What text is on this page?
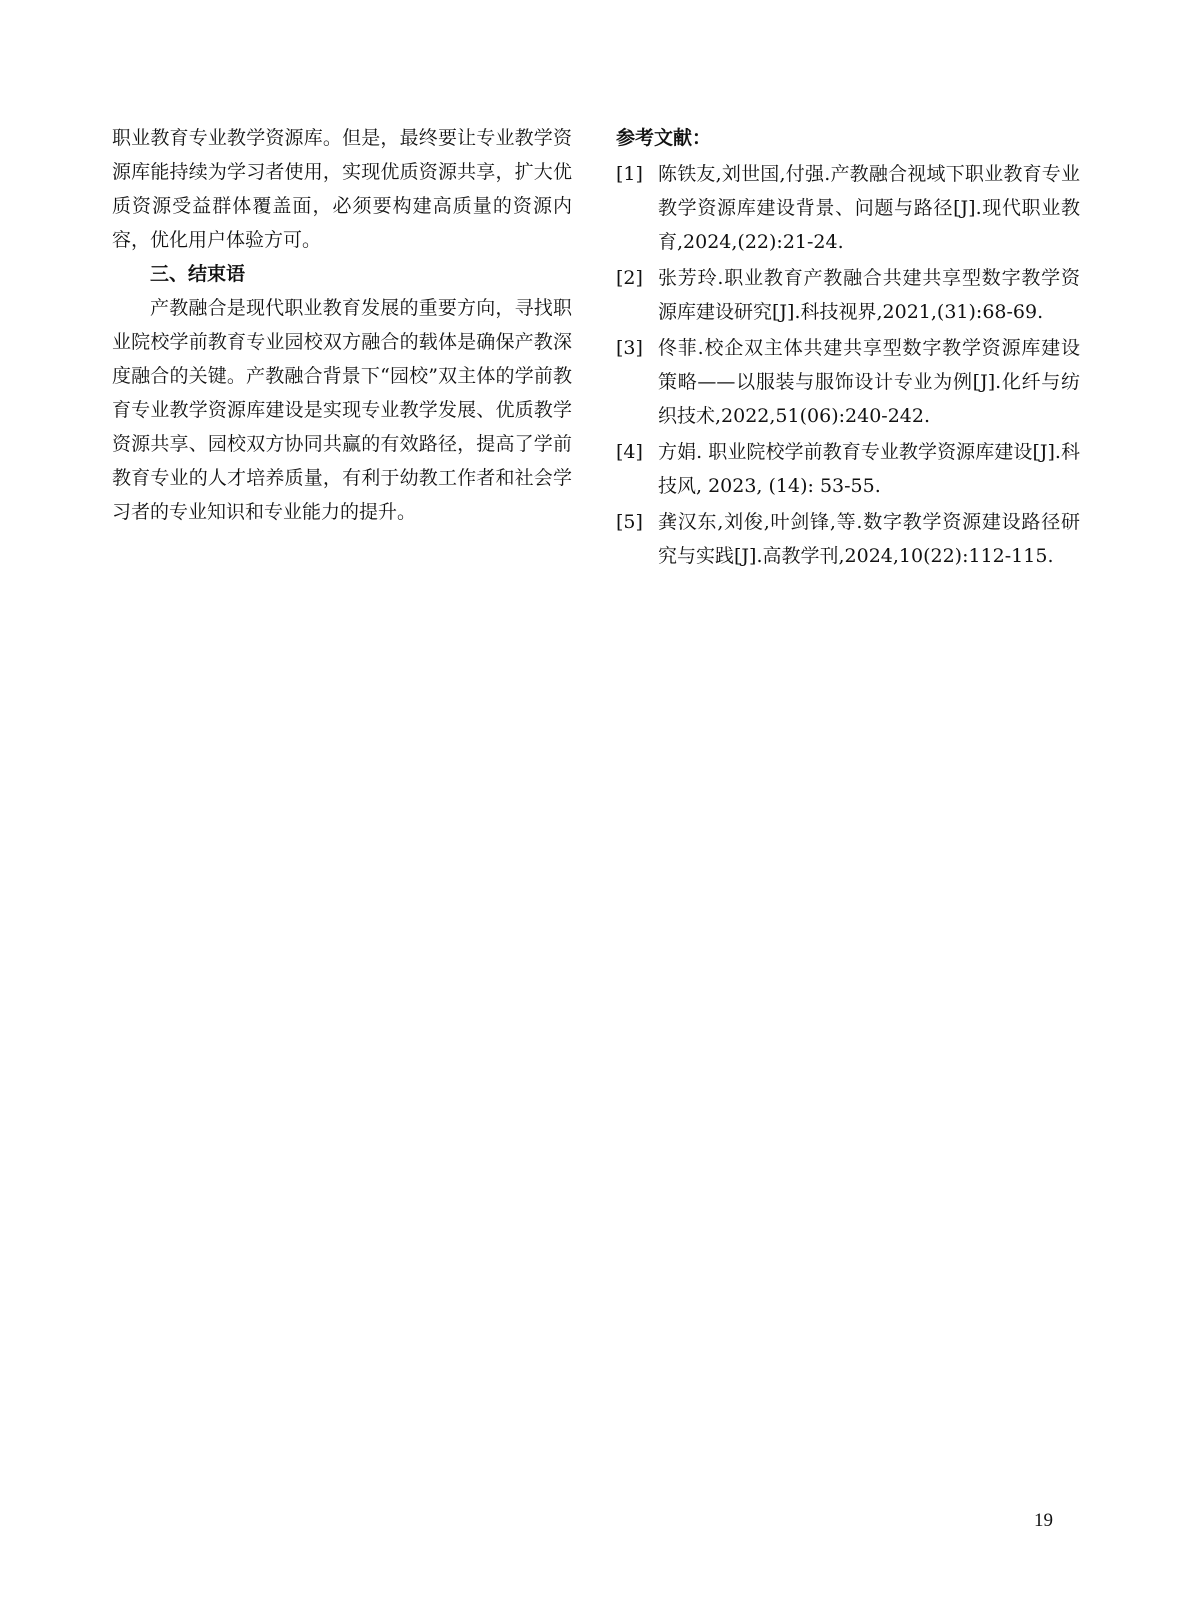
职业教育专业教学资源库。但是，最终要让专业教学资源库能持续为学习者使用，实现优质资源共享，扩大优质资源受益群体覆盖面，必须要构建高质量的资源内容，优化用户体验方可。

三、结束语

产教融合是现代职业教育发展的重要方向，寻找职业院校学前教育专业园校双方融合的载体是确保产教深度融合的关键。产教融合背景下“园校”双主体的学前教育专业教学资源库建设是实现专业教学发展、优质教学资源共享、园校双方协同共赢的有效路径，提高了学前教育专业的人才培养质量，有利于幼教工作者和社会学习者的专业知识和专业能力的提升。

参考文献：

[1] 陈铁友,刘世国,付强.产教融合视域下职业教育专业教学资源库建设背景、问题与路径[J].现代职业教育,2024,(22):21-24.
[2] 张芳玲.职业教育产教融合共建共享型数字教学资源库建设研究[J].科技视界,2021,(31):68-69.
[3] 佟菲.校企双主体共建共享型数字教学资源库建设策略——以服装与服饰设计专业为例[J].化纤与纺织技术,2022,51(06):240-242.
[4] 方娟. 职业院校学前教育专业教学资源库建设[J].科技风, 2023, (14): 53-55.
[5] 龚汉东,刘俊,叶剑锋,等.数字教学资源建设路径研究与实践[J].高教学刊,2024,10(22):112-115.
19
